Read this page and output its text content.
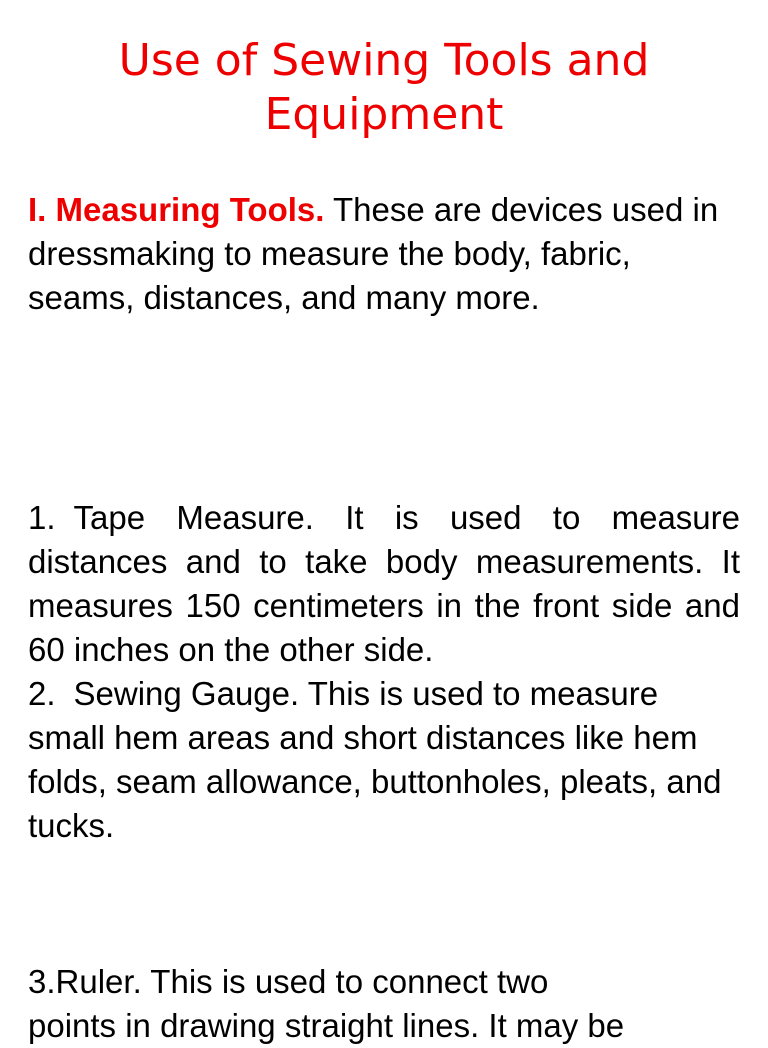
Use of Sewing Tools and
Equipment

I. Measuring Tools. These are devices used in dressmaking to measure the body, fabric, seams, distances, and many more.

1. Tape Measure. It is used to measure distances and to take body measurements. It measures 150 centimeters in the front side and 60 inches on the other side.

2. Sewing Gauge. This is used to measure small hem areas and short distances like hem folds, seam allowance, buttonholes, pleats, and tucks.

3.Ruler. This is used to connect two
points in drawing straight lines. It may be
